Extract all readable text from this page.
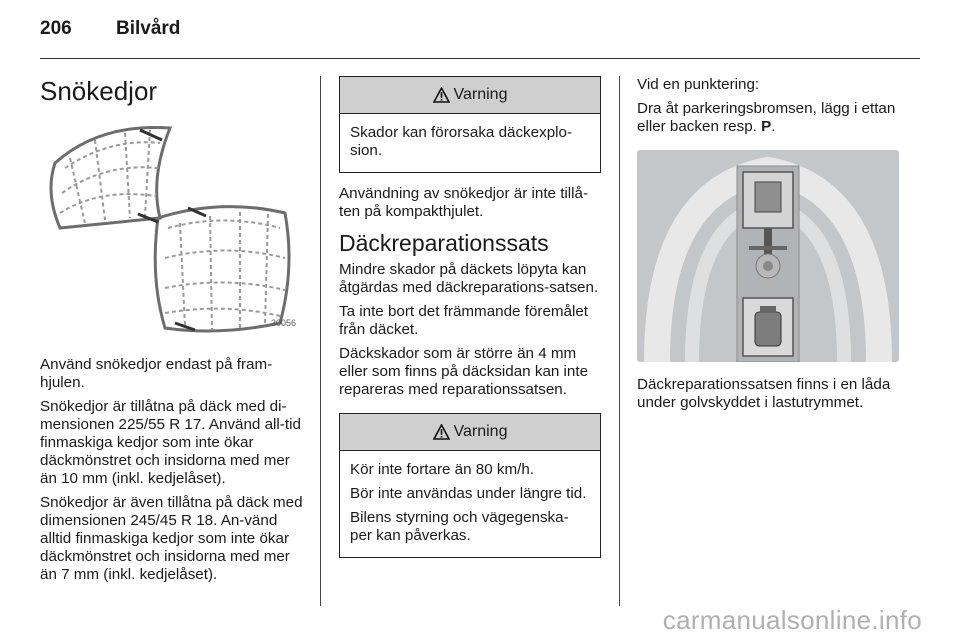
206 Bilvård
Snökedjor
30056

Använd snökedjor endast på fram-hjulen.

Snökedjor är tillåtna på däck med di-mensionen 225/55 R 17. Använd all-tid finmaskiga kedjor som inte ökar däckmönstret och insidorna med mer än 10 mm (inkl. kedjelåset).

Snökedjor är även tillåtna på däck med dimensionen 245/45 R 18. An-vänd alltid finmaskiga kedjor som inte ökar däckmönstret och insidorna med mer än 7 mm (inkl. kedjelåset).

Varning

Skador kan förorsaka däckexplo-sion.

Användning av snökedjor är inte tillå-ten på kompakthjulet.

Däckreparationssats

Mindre skador på däckets löpyta kan åtgärdas med däckreparations-satsen.

Ta inte bort det främmande föremålet från däcket.

Däckskador som är större än 4 mm eller som finns på däcksidan kan inte repareras med reparationssatsen.

Varning

Kör inte fortare än 80 km/h.

Bör inte användas under längre tid.

Bilens styrning och vägegenska-per kan påverkas.

Vid en punktering:

Dra åt parkeringsbromsen, lägg i ettan eller backen resp. P.

Däckreparationssatsen finns i en låda under golvskyddet i lastutrymmet.

carmanualsonline.info
